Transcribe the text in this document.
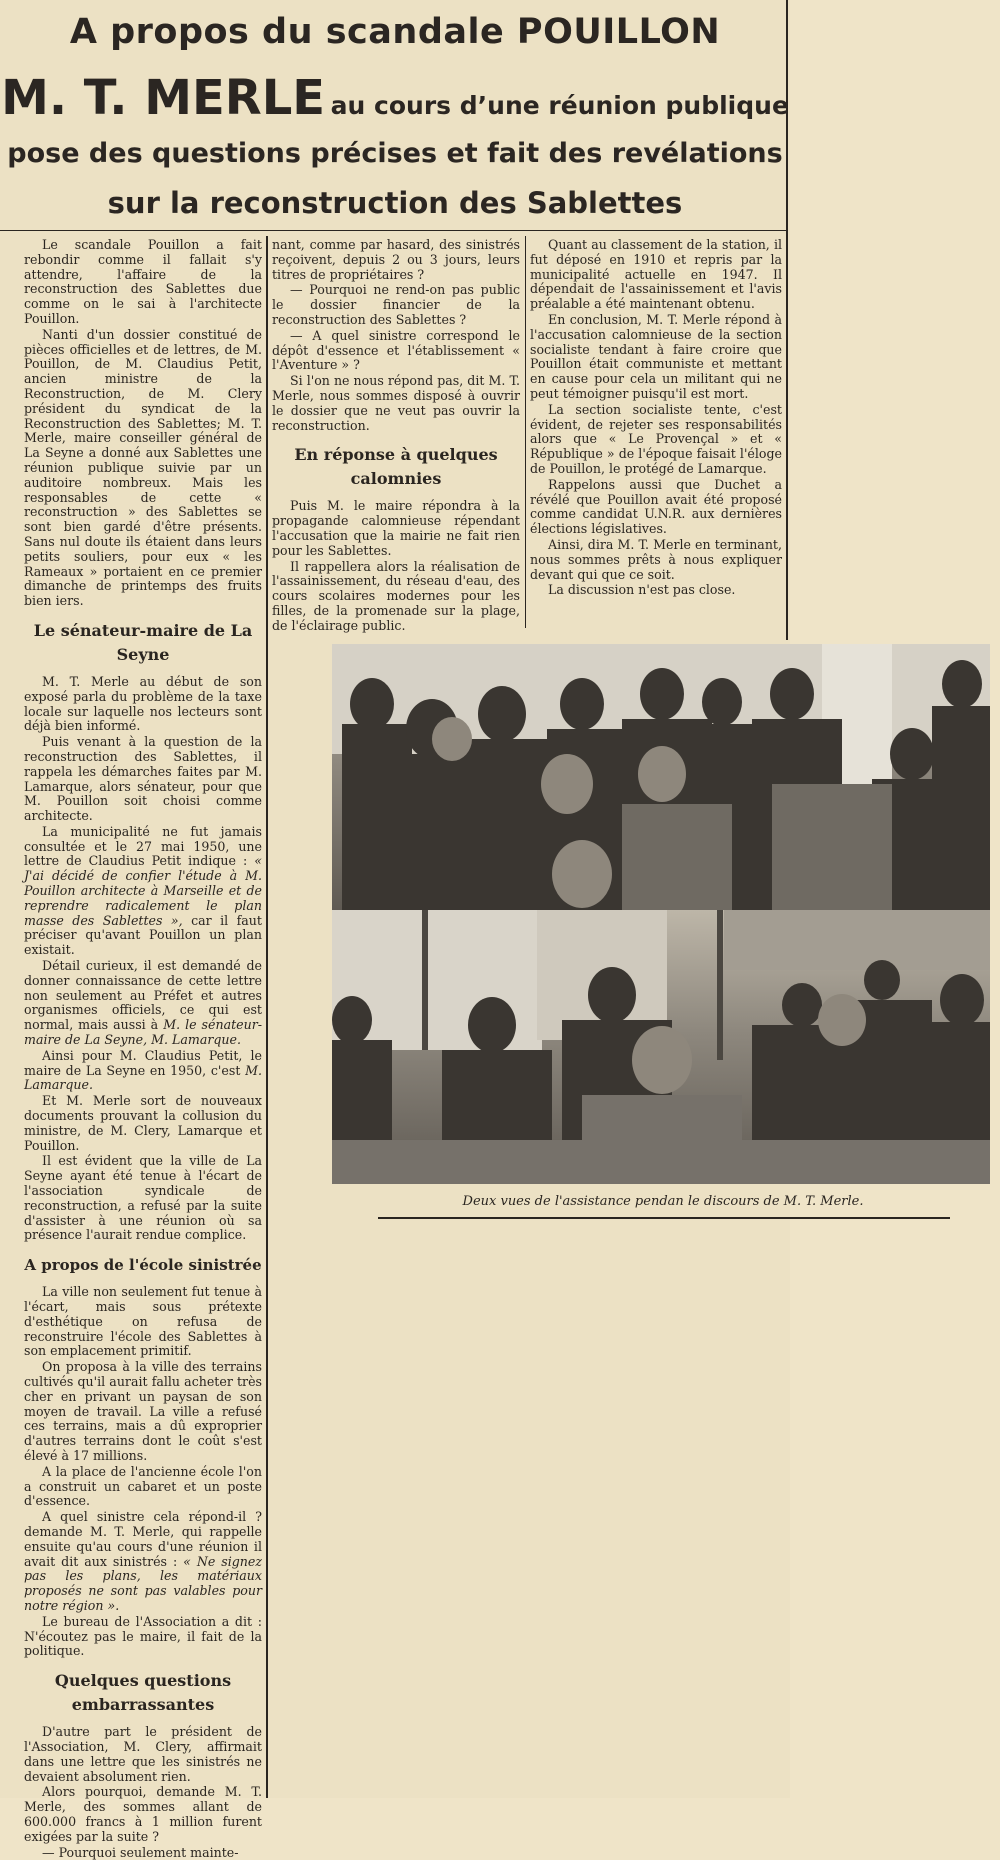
A propos du scandale POUILLON
M. T. MERLE au cours d’une réunion publique
pose des questions précises et fait des revélations
sur la reconstruction des Sablettes

Le scandale Pouillon a fait rebondir comme il fallait s'y attendre, l'affaire de la reconstruction des Sablettes due comme on le sai à l'architecte Pouillon.

Nanti d'un dossier constitué de pièces officielles et de lettres, de M. Pouillon, de M. Claudius Petit, ancien ministre de la Reconstruction, de M. Clery président du syndicat de la Reconstruction des Sablettes; M. T. Merle, maire conseiller général de La Seyne a donné aux Sablettes une réunion publique suivie par un auditoire nombreux. Mais les responsables de cette « reconstruction » des Sablettes se sont bien gardé d'être présents. Sans nul doute ils étaient dans leurs petits souliers, pour eux « les Rameaux » portaient en ce premier dimanche de printemps des fruits bien iers.

Le sénateur-maire de La Seyne

M. T. Merle au début de son exposé parla du problème de la taxe locale sur laquelle nos lecteurs sont déjà bien informé.

Puis venant à la question de la reconstruction des Sablettes, il rappela les démarches faites par M. Lamarque, alors sénateur, pour que M. Pouillon soit choisi comme architecte.

La municipalité ne fut jamais consultée et le 27 mai 1950, une lettre de Claudius Petit indique : « J'ai décidé de confier l'étude à M. Pouillon architecte à Marseille et de reprendre radicalement le plan masse des Sablettes », car il faut préciser qu'avant Pouillon un plan existait.

Détail curieux, il est demandé de donner connaissance de cette lettre non seulement au Préfet et autres organismes officiels, ce qui est normal, mais aussi à M. le sénateur-maire de La Seyne, M. Lamarque.

Ainsi pour M. Claudius Petit, le maire de La Seyne en 1950, c'est M. Lamarque.

Et M. Merle sort de nouveaux documents prouvant la collusion du ministre, de M. Clery, Lamarque et Pouillon.

Il est évident que la ville de La Seyne ayant été tenue à l'écart de l'association syndicale de reconstruction, a refusé par la suite d'assister à une réunion où sa présence l'aurait rendue complice.

A propos de l'école sinistrée

La ville non seulement fut tenue à l'écart, mais sous prétexte d'esthétique on refusa de reconstruire l'école des Sablettes à son emplacement primitif.

On proposa à la ville des terrains cultivés qu'il aurait fallu acheter très cher en privant un paysan de son moyen de travail. La ville a refusé ces terrains, mais a dû exproprier d'autres terrains dont le coût s'est élevé à 17 millions.

A la place de l'ancienne école l'on a construit un cabaret et un poste d'essence.

A quel sinistre cela répond-il ? demande M. T. Merle, qui rappelle ensuite qu'au cours d'une réunion il avait dit aux sinistrés : « Ne signez pas les plans, les matériaux proposés ne sont pas valables pour notre région ».

Le bureau de l'Association a dit : N'écoutez pas le maire, il fait de la politique.

Quelques questions embarrassantes

D'autre part le président de l'Association, M. Clery, affirmait dans une lettre que les sinistrés ne devaient absolument rien.

Alors pourquoi, demande M. T. Merle, des sommes allant de 600.000 francs à 1 million furent exigées par la suite ?

— Pourquoi seulement mainte-

nant, comme par hasard, des sinistrés reçoivent, depuis 2 ou 3 jours, leurs titres de propriétaires ?

— Pourquoi ne rend-on pas public le dossier financier de la reconstruction des Sablettes ?

— A quel sinistre correspond le dépôt d'essence et l'établissement « l'Aventure » ?

Si l'on ne nous répond pas, dit M. T. Merle, nous sommes disposé à ouvrir le dossier que ne veut pas ouvrir la reconstruction.

En réponse à quelques calomnies

Puis M. le maire répondra à la propagande calomnieuse répendant l'accusation que la mairie ne fait rien pour les Sablettes.

Il rappellera alors la réalisation de l'assainissement, du réseau d'eau, des cours scolaires modernes pour les filles, de la promenade sur la plage, de l'éclairage public.

Quant au classement de la station, il fut déposé en 1910 et repris par la municipalité actuelle en 1947. Il dépendait de l'assainissement et l'avis préalable a été maintenant obtenu.

En conclusion, M. T. Merle répond à l'accusation calomnieuse de la section socialiste tendant à faire croire que Pouillon était communiste et mettant en cause pour cela un militant qui ne peut témoigner puisqu'il est mort.

La section socialiste tente, c'est évident, de rejeter ses responsabilités alors que « Le Provençal » et « République » de l'époque faisait l'éloge de Pouillon, le protégé de Lamarque.

Rappelons aussi que Duchet a révélé que Pouillon avait été proposé comme candidat U.N.R. aux dernières élections législatives.

Ainsi, dira M. T. Merle en terminant, nous sommes prêts à nous expliquer devant qui que ce soit.

La discussion n'est pas close.

Deux vues de l'assistance pendan le discours de M. T. Merle.
